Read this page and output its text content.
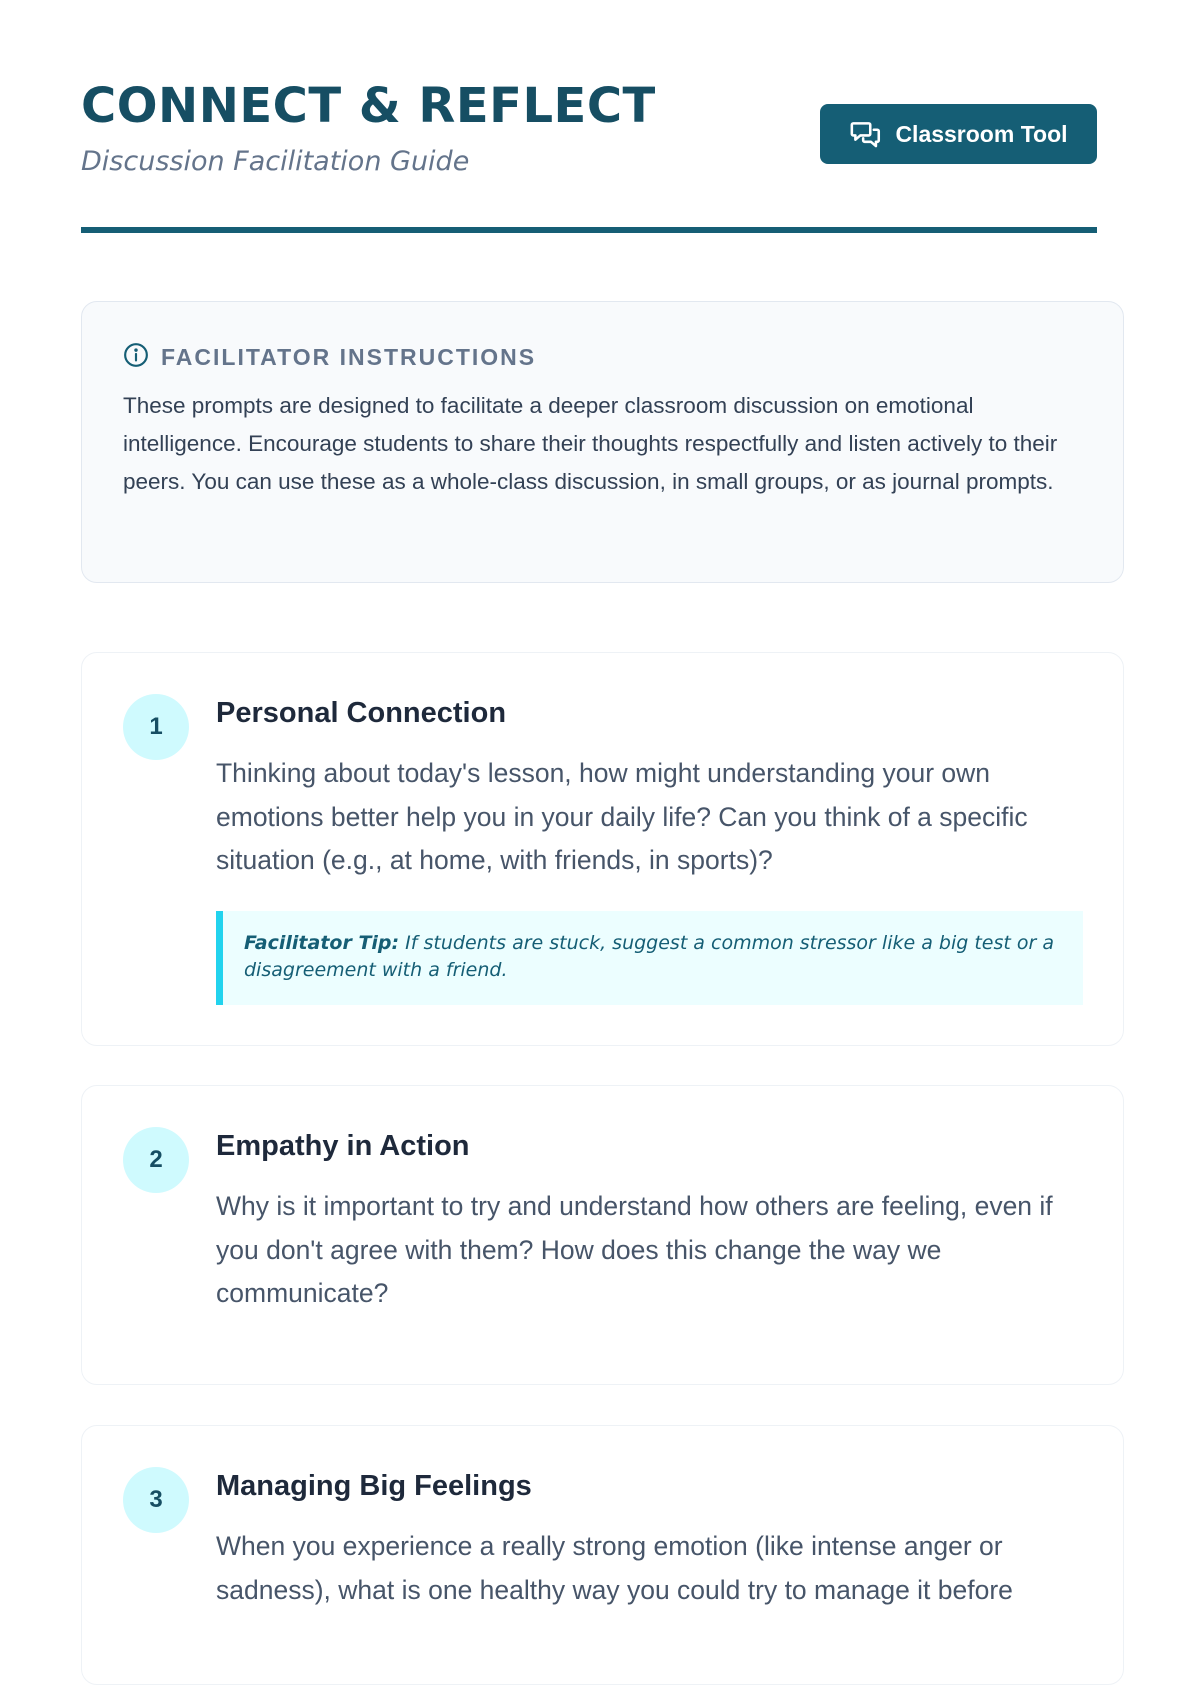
CONNECT & REFLECT
Discussion Facilitation Guide
Classroom Tool
FACILITATOR INSTRUCTIONS
These prompts are designed to facilitate a deeper classroom discussion on emotional intelligence. Encourage students to share their thoughts respectfully and listen actively to their peers. You can use these as a whole-class discussion, in small groups, or as journal prompts.
1	Personal Connection
Thinking about today's lesson, how might understanding your own emotions better help you in your daily life? Can you think of a specific situation (e.g., at home, with friends, in sports)?
Facilitator Tip: If students are stuck, suggest a common stressor like a big test or a disagreement with a friend.
2	Empathy in Action
Why is it important to try and understand how others are feeling, even if you don't agree with them? How does this change the way we communicate?
3	Managing Big Feelings
When you experience a really strong emotion (like intense anger or sadness), what is one healthy way you could try to manage it before
